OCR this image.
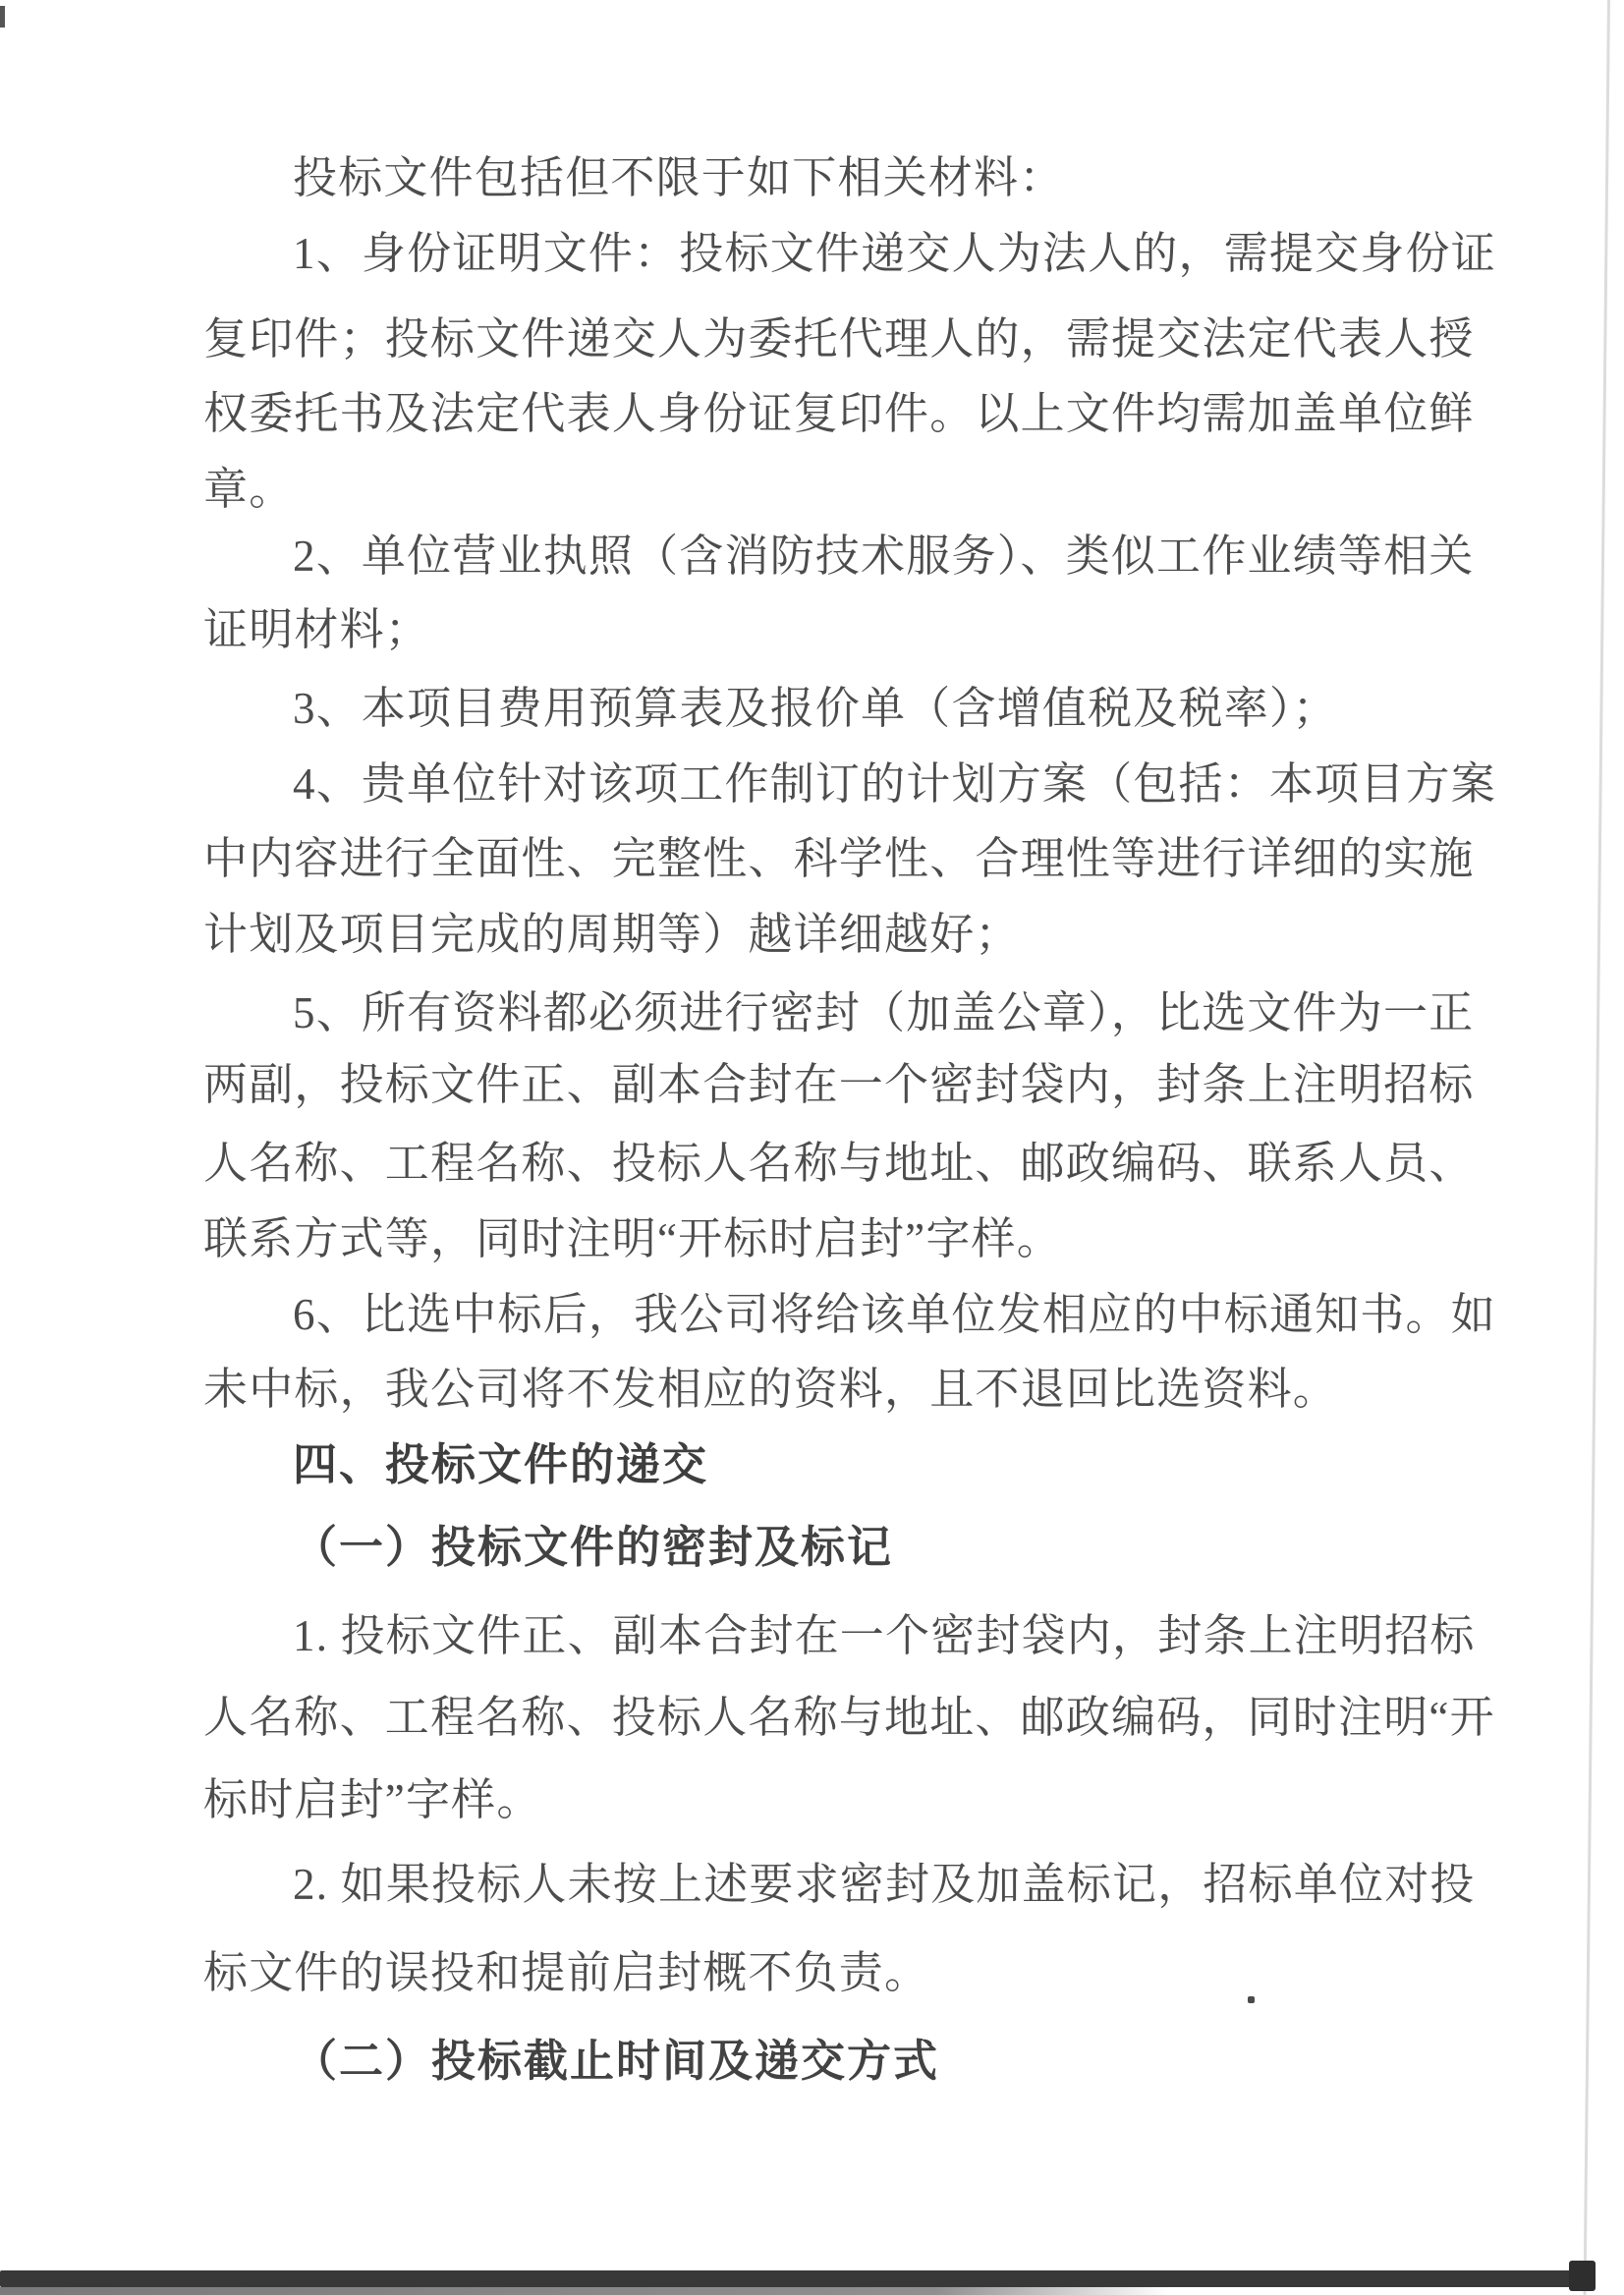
投标文件包括但不限于如下相关材料：
1、身份证明文件：投标文件递交人为法人的，需提交身份证
复印件；投标文件递交人为委托代理人的，需提交法定代表人授
权委托书及法定代表人身份证复印件。以上文件均需加盖单位鲜
章。
2、单位营业执照（含消防技术服务）、类似工作业绩等相关
证明材料；
3、本项目费用预算表及报价单（含增值税及税率）；
4、贵单位针对该项工作制订的计划方案（包括：本项目方案
中内容进行全面性、完整性、科学性、合理性等进行详细的实施
计划及项目完成的周期等）越详细越好；
5、所有资料都必须进行密封（加盖公章），比选文件为一正
两副，投标文件正、副本合封在一个密封袋内，封条上注明招标
人名称、工程名称、投标人名称与地址、邮政编码、联系人员、
联系方式等，同时注明“开标时启封”字样。
6、比选中标后，我公司将给该单位发相应的中标通知书。如
未中标，我公司将不发相应的资料，且不退回比选资料。
四、投标文件的递交
（一）投标文件的密封及标记
1. 投标文件正、副本合封在一个密封袋内，封条上注明招标
人名称、工程名称、投标人名称与地址、邮政编码，同时注明“开
标时启封”字样。
2. 如果投标人未按上述要求密封及加盖标记，招标单位对投
标文件的误投和提前启封概不负责。
（二）投标截止时间及递交方式
